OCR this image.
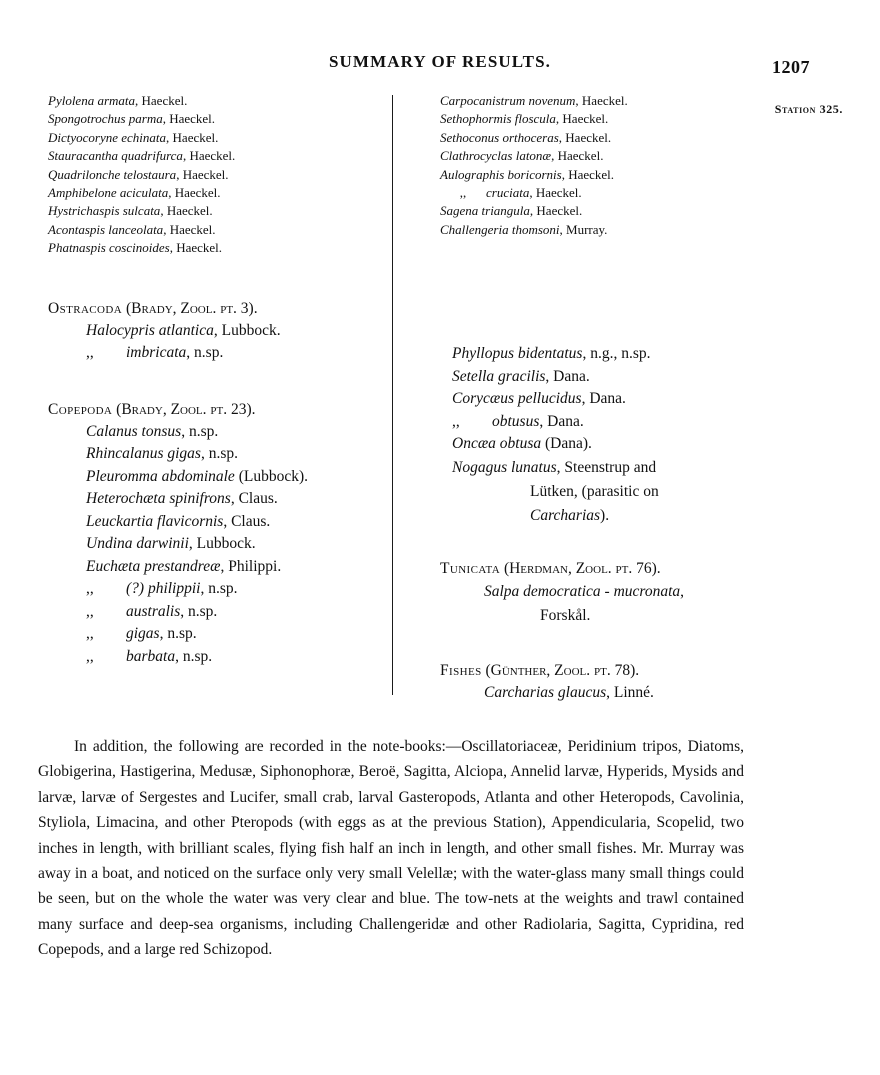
SUMMARY OF RESULTS.	1207
Station 325.
Pylolena armata, Haeckel.
Spongotrochus parma, Haeckel.
Dictyocoryne echinata, Haeckel.
Stauracantha quadrifurca, Haeckel.
Quadrilonche telostaura, Haeckel.
Amphibelone aciculata, Haeckel.
Hystrichaspis sulcata, Haeckel.
Acontaspis lanceolata, Haeckel.
Phatnaspis coscinoides, Haeckel.
Ostracoda (Brady, Zool. pt. 3).
Halocypris atlantica, Lubbock.
,, imbricata, n.sp.
Copepoda (Brady, Zool. pt. 23).
Calanus tonsus, n.sp.
Rhincalanus gigas, n.sp.
Pleuromma abdominale (Lubbock).
Heterochæta spinifrons, Claus.
Leuckartia flavicornis, Claus.
Undina darwinii, Lubbock.
Euchæta prestandreæ, Philippi.
,, (?) philippii, n.sp.
,, australis, n.sp.
,, gigas, n.sp.
,, barbata, n.sp.
Carpocanistrum novenum, Haeckel.
Sethophormis floscula, Haeckel.
Sethoconus orthoceras, Haeckel.
Clathrocyclas latonæ, Haeckel.
Aulographis boricornis, Haeckel.
,, cruciata, Haeckel.
Sagena triangula, Haeckel.
Challengeria thomsoni, Murray.
Phyllopus bidentatus, n.g., n.sp.
Setella gracilis, Dana.
Corycæus pellucidus, Dana.
,, obtusus, Dana.
Oncæa obtusa (Dana).
Nogagus lunatus, Steenstrup and
Lütken, (parasitic on
Carcharias).
Tunicata (Herdman, Zool. pt. 76).
Salpa democratica - mucronata,
Forskål.
Fishes (Günther, Zool. pt. 78).
Carcharias glaucus, Linné.
In addition, the following are recorded in the note-books:—Oscillatoriaceæ, Peridinium tripos, Diatoms, Globigerina, Hastigerina, Medusæ, Siphonophoræ, Beroë, Sagitta, Alciopa, Annelid larvæ, Hyperids, Mysids and larvæ, larvæ of Sergestes and Lucifer, small crab, larval Gasteropods, Atlanta and other Heteropods, Cavolinia, Styliola, Limacina, and other Pteropods (with eggs as at the previous Station), Appendicularia, Scopelid, two inches in length, with brilliant scales, flying fish half an inch in length, and other small fishes. Mr. Murray was away in a boat, and noticed on the surface only very small Velellæ; with the water-glass many small things could be seen, but on the whole the water was very clear and blue. The tow-nets at the weights and trawl contained many surface and deep-sea organisms, including Challengeridæ and other Radiolaria, Sagitta, Cypridina, red Copepods, and a large red Schizopod.
